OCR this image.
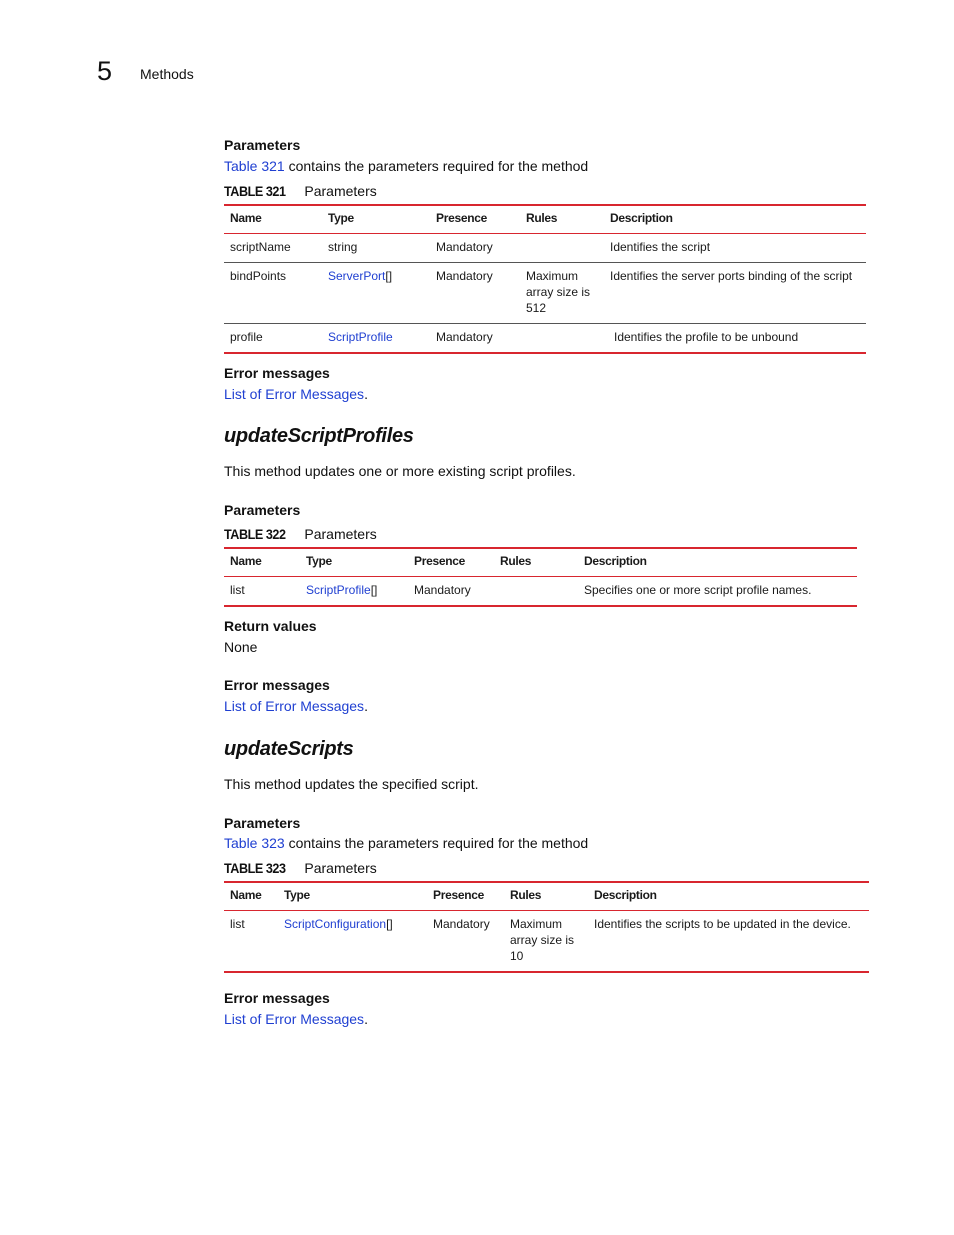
5 Methods
Parameters
Table 321 contains the parameters required for the method
TABLE 321 Parameters
Name	Type	Presence	Rules	Description
scriptName	string	Mandatory		Identifies the script
bindPoints	ServerPort[]	Mandatory	Maximum array size is 512	Identifies the server ports binding of the script
profile	ScriptProfile	Mandatory		Identifies the profile to be unbound
Error messages
List of Error Messages.
updateScriptProfiles
This method updates one or more existing script profiles.
Parameters
TABLE 322 Parameters
Name	Type	Presence	Rules	Description
list	ScriptProfile[]	Mandatory		Specifies one or more script profile names.
Return values
None
Error messages
List of Error Messages.
updateScripts
This method updates the specified script.
Parameters
Table 323 contains the parameters required for the method
TABLE 323 Parameters
Name	Type	Presence	Rules	Description
list	ScriptConfiguration[]	Mandatory	Maximum array size is 10	Identifies the scripts to be updated in the device.
Error messages
List of Error Messages.
